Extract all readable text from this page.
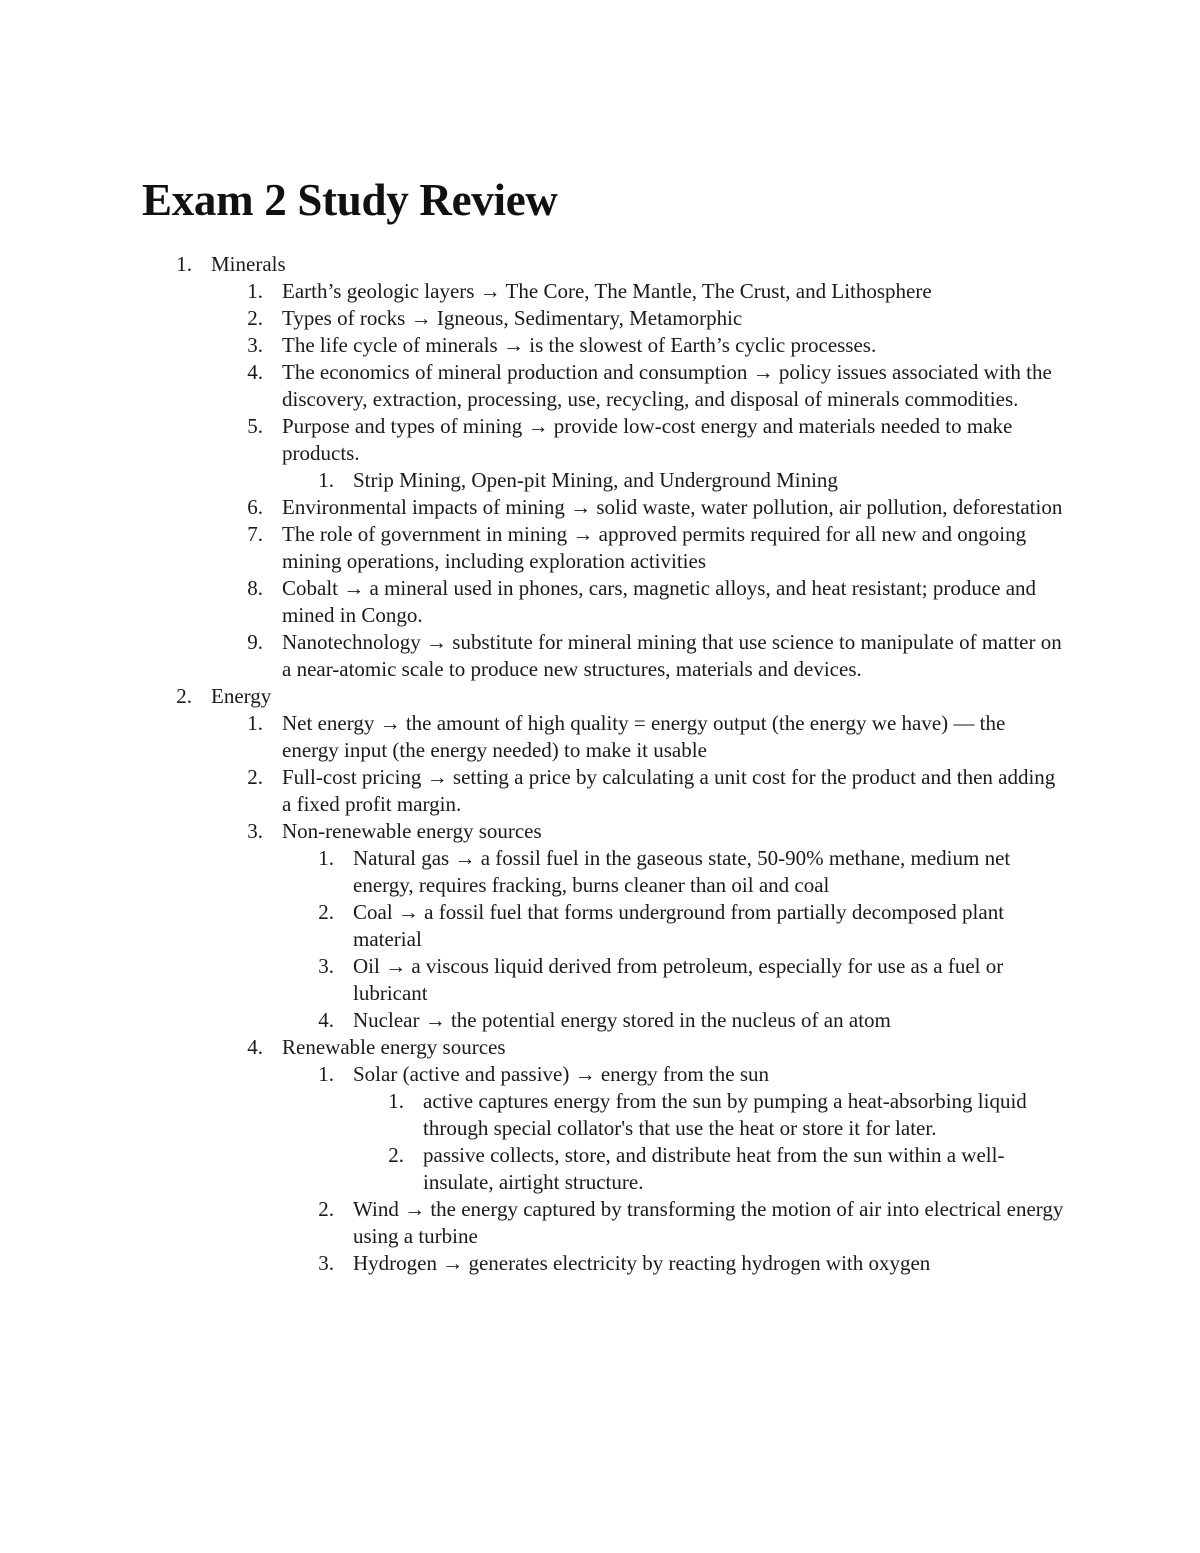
Exam 2 Study Review
1. Minerals
1. Earth’s geologic layers → The Core, The Mantle, The Crust, and Lithosphere
2. Types of rocks → Igneous, Sedimentary, Metamorphic
3. The life cycle of minerals → is the slowest of Earth’s cyclic processes.
4. The economics of mineral production and consumption → policy issues associated with the discovery, extraction, processing, use, recycling, and disposal of minerals commodities.
5. Purpose and types of mining → provide low-cost energy and materials needed to make products.
1. Strip Mining, Open-pit Mining, and Underground Mining
6. Environmental impacts of mining → solid waste, water pollution, air pollution, deforestation
7. The role of government in mining → approved permits required for all new and ongoing mining operations, including exploration activities
8. Cobalt → a mineral used in phones, cars, magnetic alloys, and heat resistant; produce and mined in Congo.
9. Nanotechnology → substitute for mineral mining that use science to manipulate of matter on a near-atomic scale to produce new structures, materials and devices.
2. Energy
1. Net energy → the amount of high quality = energy output (the energy we have) — the energy input (the energy needed) to make it usable
2. Full-cost pricing → setting a price by calculating a unit cost for the product and then adding a fixed profit margin.
3. Non-renewable energy sources
1. Natural gas → a fossil fuel in the gaseous state, 50-90% methane, medium net energy, requires fracking, burns cleaner than oil and coal
2. Coal → a fossil fuel that forms underground from partially decomposed plant material
3. Oil → a viscous liquid derived from petroleum, especially for use as a fuel or lubricant
4. Nuclear → the potential energy stored in the nucleus of an atom
4. Renewable energy sources
1. Solar (active and passive) → energy from the sun
1. active captures energy from the sun by pumping a heat-absorbing liquid through special collator's that use the heat or store it for later.
2. passive collects, store, and distribute heat from the sun within a well-insulate, airtight structure.
2. Wind → the energy captured by transforming the motion of air into electrical energy using a turbine
3. Hydrogen → generates electricity by reacting hydrogen with oxygen
